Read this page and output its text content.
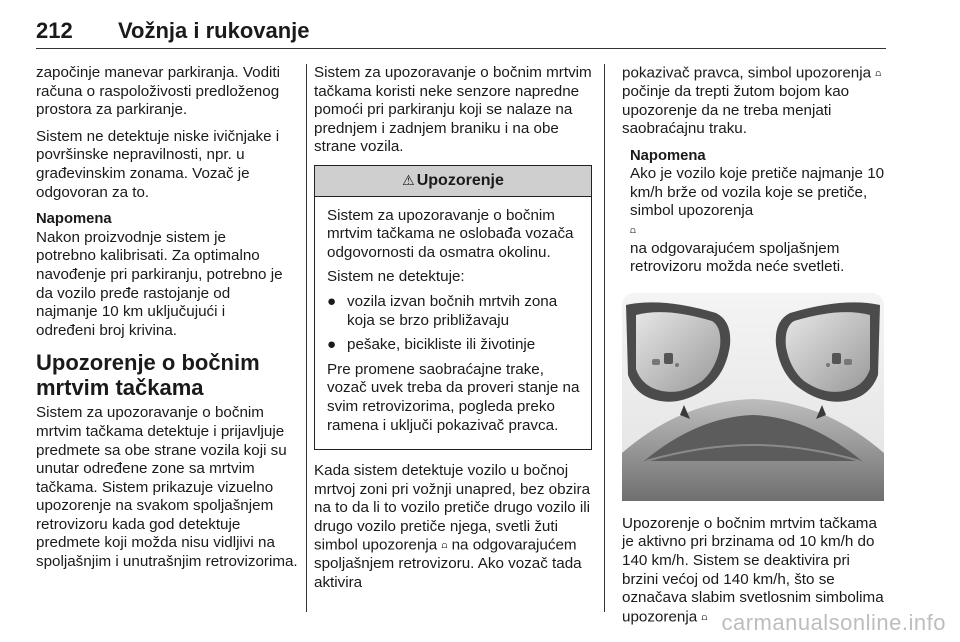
212 Vožnja i rukovanje

započinje manevar parkiranja. Voditi računa o raspoloživosti predloženog prostora za parkiranje.

Sistem ne detektuje niske ivičnjake i površinske nepravilnosti, npr. u građevinskim zonama. Vozač je odgovoran za to.

Napomena
Nakon proizvodnje sistem je
potrebno kalibrisati. Za optimalno
navođenje pri parkiranju, potrebno je
da vozilo pređe rastojanje od
najmanje 10 km uključujući i
određeni broj krivina.
Upozorenje o bočnim mrtvim tačkama

Sistem za upozoravanje o bočnim mrtvim tačkama detektuje i prijavljuje predmete sa obe strane vozila koji su unutar određene zone sa mrtvim tačkama. Sistem prikazuje vizuelno upozorenje na svakom spoljašnjem retrovizoru kada god detektuje predmete koji možda nisu vidljivi na spoljašnjim i unutrašnjim retrovizorima.

Sistem za upozoravanje o bočnim mrtvim tačkama koristi neke senzore napredne pomoći pri parkiranju koji se nalaze na prednjem i zadnjem braniku i na obe strane vozila.

⚠ Upozorenje

Sistem za upozoravanje o bočnim mrtvim tačkama ne oslobađa vozača odgovornosti da osmatra okolinu.

Sistem ne detektuje:

● vozila izvan bočnih mrtvih zona koja se brzo približavaju
● pešake, bicikliste ili životinje

Pre promene saobraćajne trake, vozač uvek treba da proveri stanje na svim retrovizorima, pogleda preko ramena i uključi pokazivač pravca.

Kada sistem detektuje vozilo u bočnoj mrtvoj zoni pri vožnji unapred, bez obzira na to da li to vozilo pretiče drugo vozilo ili drugo vozilo pretiče njega, svetli žuti simbol upozorenja ⩍ na odgovarajućem spoljašnjem retrovizoru. Ako vozač tada aktivira

pokazivač pravca, simbol upozorenja ⩍ počinje da trepti žutom bojom kao upozorenje da ne treba menjati saobraćajnu traku.

Napomena
Ako je vozilo koje pretiče najmanje 10 km/h brže od vozila koje se pretiče, simbol upozorenja
⩍
na odgovarajućem spoljašnjem retrovizoru možda neće svetleti.

Upozorenje o bočnim mrtvim tačkama je aktivno pri brzinama od 10 km/h do 140 km/h. Sistem se deaktivira pri brzini većoj od 140 km/h, što se označava slabim svetlosnim simbolima upozorenja ⩍ carmanualsonline.info
